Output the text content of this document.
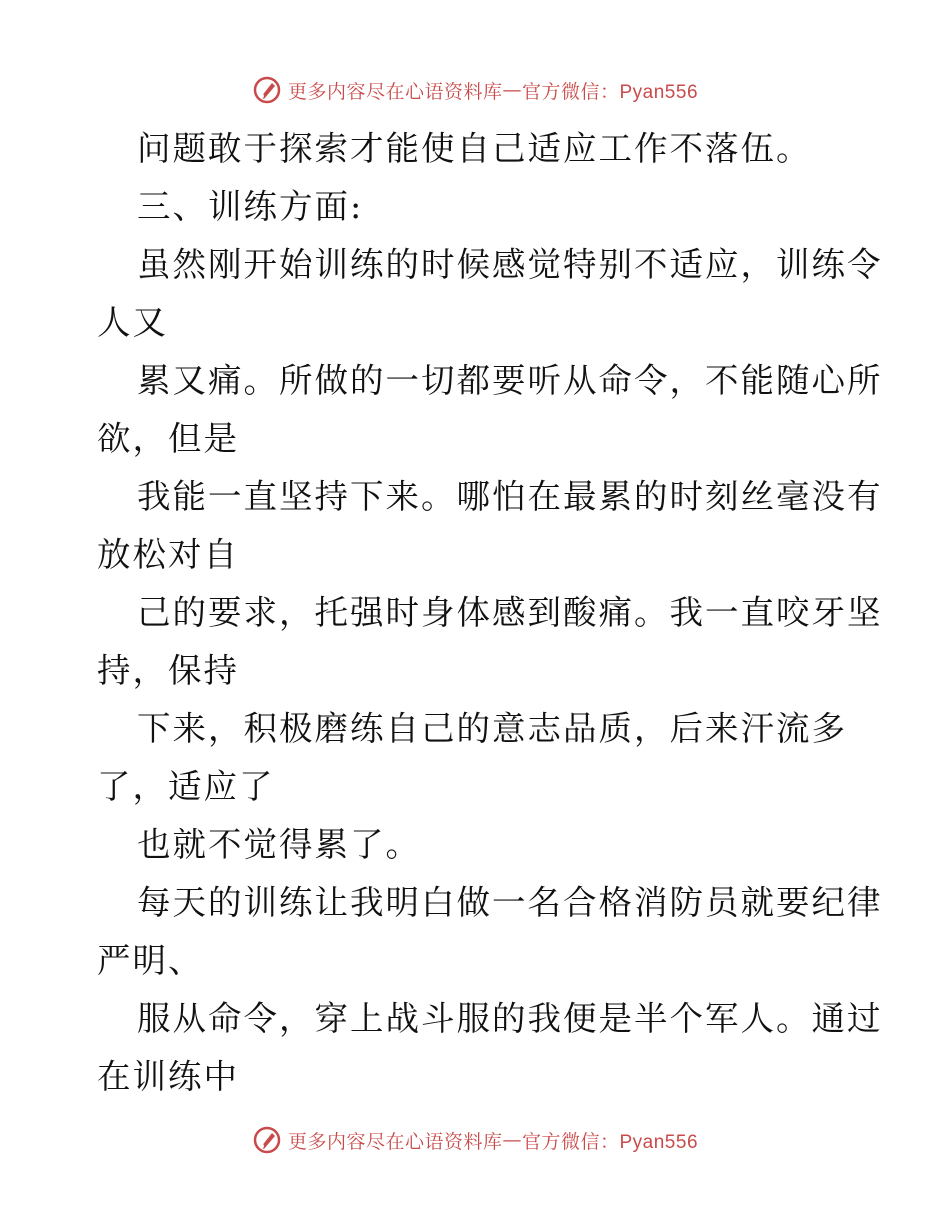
更多内容尽在心语资料库 — 官方微信：Pyan556
问题敢于探索才能使自己适应工作不落伍。
三、训练方面:
虽然刚开始训练的时候感觉特别不适应，训练令
人又
累又痛。所做的一切都要听从命令，不能随心所
欲，但是
我能一直坚持下来。哪怕在最累的时刻丝毫没有
放松对自
己的要求，托强时身体感到酸痛。我一直咬牙坚
持，保持
下来，积极磨练自己的意志品质，后来汗流多
了，适应了
也就不觉得累了。
每天的训练让我明白做一名合格消防员就要纪律
严明、
服从命令，穿上战斗服的我便是半个军人。通过
在训练中
更多内容尽在心语资料库 — 官方微信：Pyan556
